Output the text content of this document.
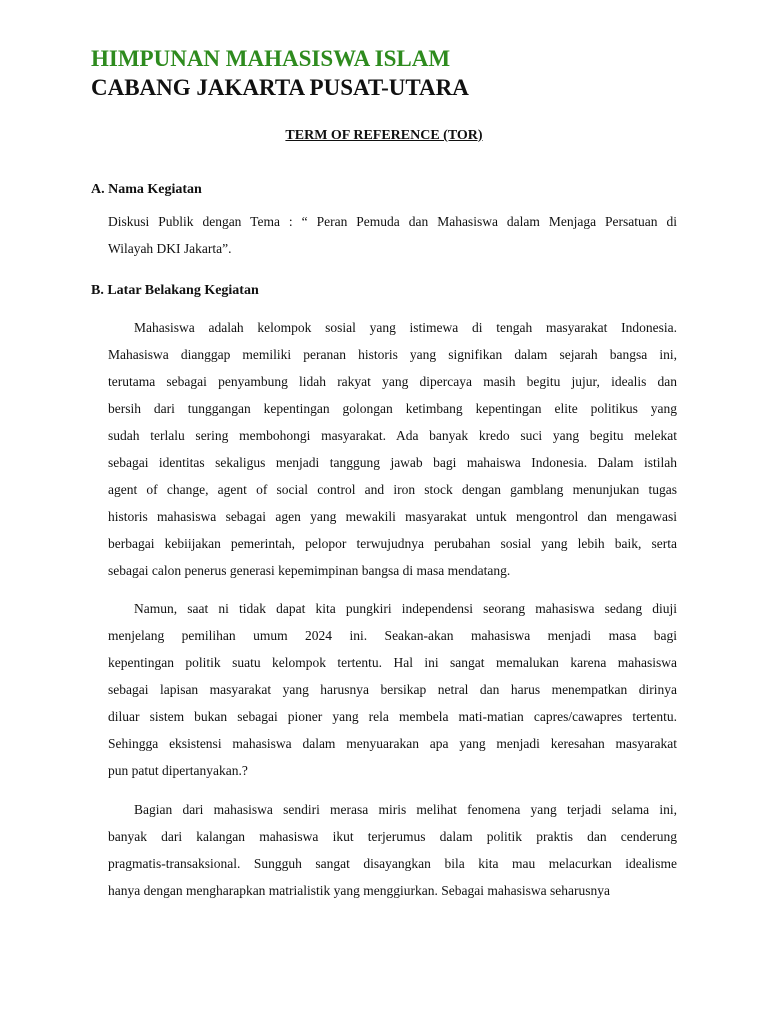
HIMPUNAN MAHASISWA ISLAM
CABANG JAKARTA PUSAT-UTARA
TERM OF REFERENCE (TOR)
A. Nama Kegiatan
Diskusi Publik dengan Tema : “ Peran Pemuda dan Mahasiswa dalam Menjaga Persatuan di
Wilayah DKI Jakarta”.
B. Latar Belakang Kegiatan
Mahasiswa adalah kelompok sosial yang istimewa di tengah masyarakat Indonesia.
Mahasiswa dianggap memiliki peranan historis yang signifikan dalam sejarah bangsa ini,
terutama sebagai penyambung lidah rakyat yang dipercaya masih begitu jujur, idealis dan
bersih dari tunggangan kepentingan golongan ketimbang kepentingan elite politikus yang
sudah terlalu sering membohongi masyarakat. Ada banyak kredo suci yang begitu melekat
sebagai identitas sekaligus menjadi tanggung jawab bagi mahaiswa Indonesia. Dalam istilah
agent of change, agent of social control and iron stock dengan gamblang menunjukan tugas
historis mahasiswa sebagai agen yang mewakili masyarakat untuk mengontrol dan mengawasi
berbagai kebiijakan pemerintah, pelopor terwujudnya perubahan sosial yang lebih baik, serta
sebagai calon penerus generasi kepemimpinan bangsa di masa mendatang.
Namun, saat ni tidak dapat kita pungkiri independensi seorang mahasiswa sedang diuji
menjelang pemilihan umum 2024 ini. Seakan-akan mahasiswa menjadi masa bagi
kepentingan politik suatu kelompok tertentu. Hal ini sangat memalukan karena mahasiswa
sebagai lapisan masyarakat yang harusnya bersikap netral dan harus menempatkan dirinya
diluar sistem bukan sebagai pioner yang rela membela mati-matian capres/cawapres tertentu.
Sehingga eksistensi mahasiswa dalam menyuarakan apa yang menjadi keresahan masyarakat
pun patut dipertanyakan.?
Bagian dari mahasiswa sendiri merasa miris melihat fenomena yang terjadi selama ini,
banyak dari kalangan mahasiswa ikut terjerumus dalam politik praktis dan cenderung
pragmatis-transaksional. Sungguh sangat disayangkan bila kita mau melacurkan idealisme
hanya dengan mengharapkan matrialistik yang menggiurkan. Sebagai mahasiswa seharusnya
